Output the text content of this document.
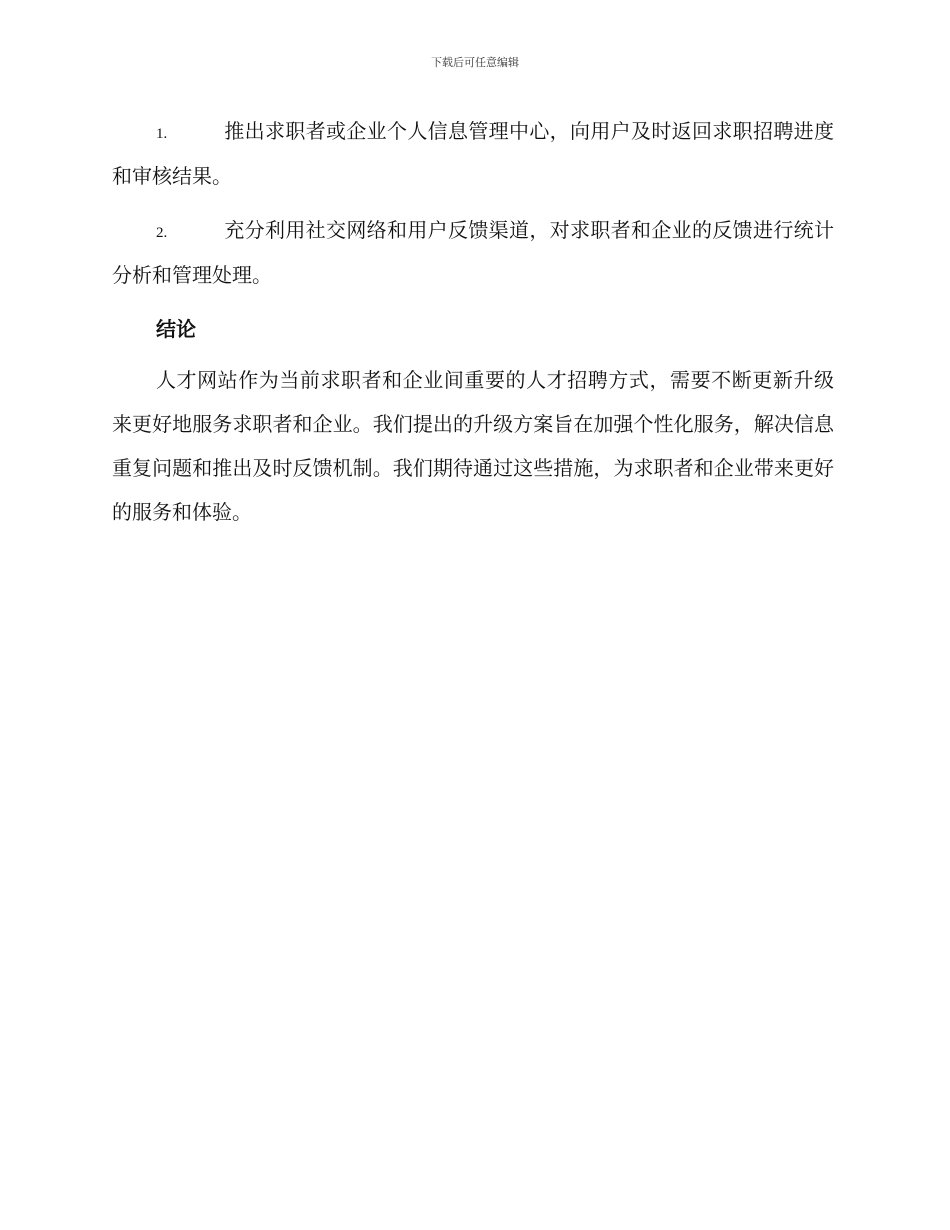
下载后可任意编辑

1.	推出求职者或企业个人信息管理中心，向用户及时返回求职招聘进度和审核结果。

2.	充分利用社交网络和用户反馈渠道，对求职者和企业的反馈进行统计分析和管理处理。

结论

人才网站作为当前求职者和企业间重要的人才招聘方式，需要不断更新升级来更好地服务求职者和企业。我们提出的升级方案旨在加强个性化服务，解决信息重复问题和推出及时反馈机制。我们期待通过这些措施，为求职者和企业带来更好的服务和体验。
